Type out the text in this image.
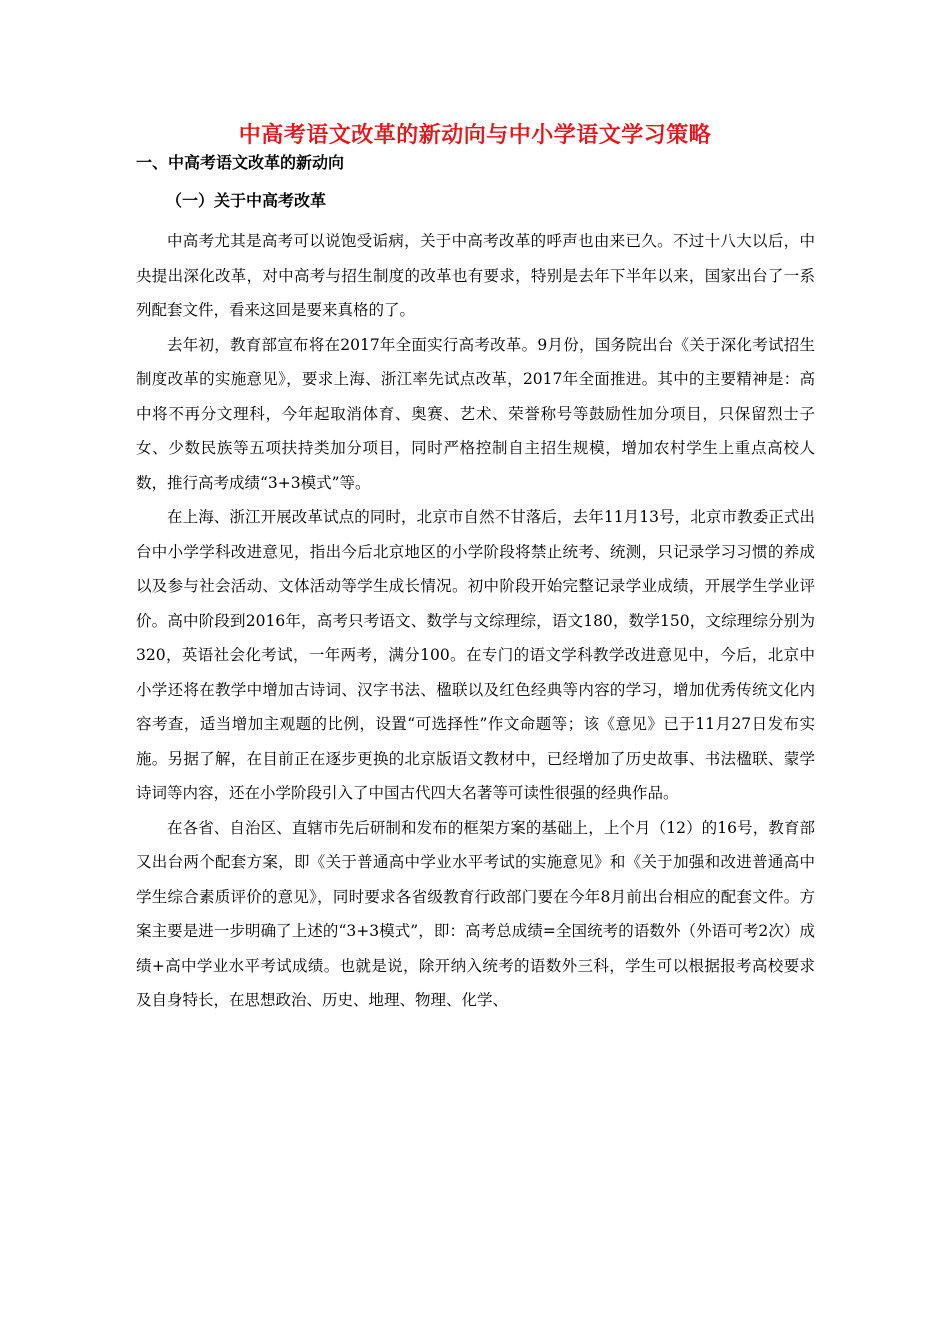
中高考语文改革的新动向与中小学语文学习策略
一、中高考语文改革的新动向
（一）关于中高考改革

中高考尤其是高考可以说饱受诟病，关于中高考改革的呼声也由来已久。不过十八大以后，中央提出深化改革，对中高考与招生制度的改革也有要求，特别是去年下半年以来，国家出台了一系列配套文件，看来这回是要来真格的了。

去年初，教育部宣布将在2017年全面实行高考改革。9月份，国务院出台《关于深化考试招生制度改革的实施意见》，要求上海、浙江率先试点改革，2017年全面推进。其中的主要精神是：高中将不再分文理科，今年起取消体育、奥赛、艺术、荣誉称号等鼓励性加分项目，只保留烈士子女、少数民族等五项扶持类加分项目，同时严格控制自主招生规模，增加农村学生上重点高校人数，推行高考成绩“3+3模式”等。

在上海、浙江开展改革试点的同时，北京市自然不甘落后，去年11月13号，北京市教委正式出台中小学学科改进意见，指出今后北京地区的小学阶段将禁止统考、统测，只记录学习习惯的养成以及参与社会活动、文体活动等学生成长情况。初中阶段开始完整记录学业成绩，开展学生学业评价。高中阶段到2016年，高考只考语文、数学与文综理综，语文180，数学150，文综理综分别为320，英语社会化考试，一年两考，满分100。在专门的语文学科教学改进意见中，今后，北京中小学还将在教学中增加古诗词、汉字书法、楹联以及红色经典等内容的学习，增加优秀传统文化内容考查，适当增加主观题的比例，设置“可选择性”作文命题等；该《意见》已于11月27日发布实施。另据了解，在目前正在逐步更换的北京版语文教材中，已经增加了历史故事、书法楹联、蒙学诗词等内容，还在小学阶段引入了中国古代四大名著等可读性很强的经典作品。

在各省、自治区、直辖市先后研制和发布的框架方案的基础上，上个月（12）的16号，教育部又出台两个配套方案，即《关于普通高中学业水平考试的实施意见》和《关于加强和改进普通高中学生综合素质评价的意见》，同时要求各省级教育行政部门要在今年8月前出台相应的配套文件。方案主要是进一步明确了上述的“3+3模式”，即：高考总成绩=全国统考的语数外（外语可考2次）成绩+高中学业水平考试成绩。也就是说，除开纳入统考的语数外三科，学生可以根据报考高校要求及自身特长，在思想政治、历史、地理、物理、化学、
